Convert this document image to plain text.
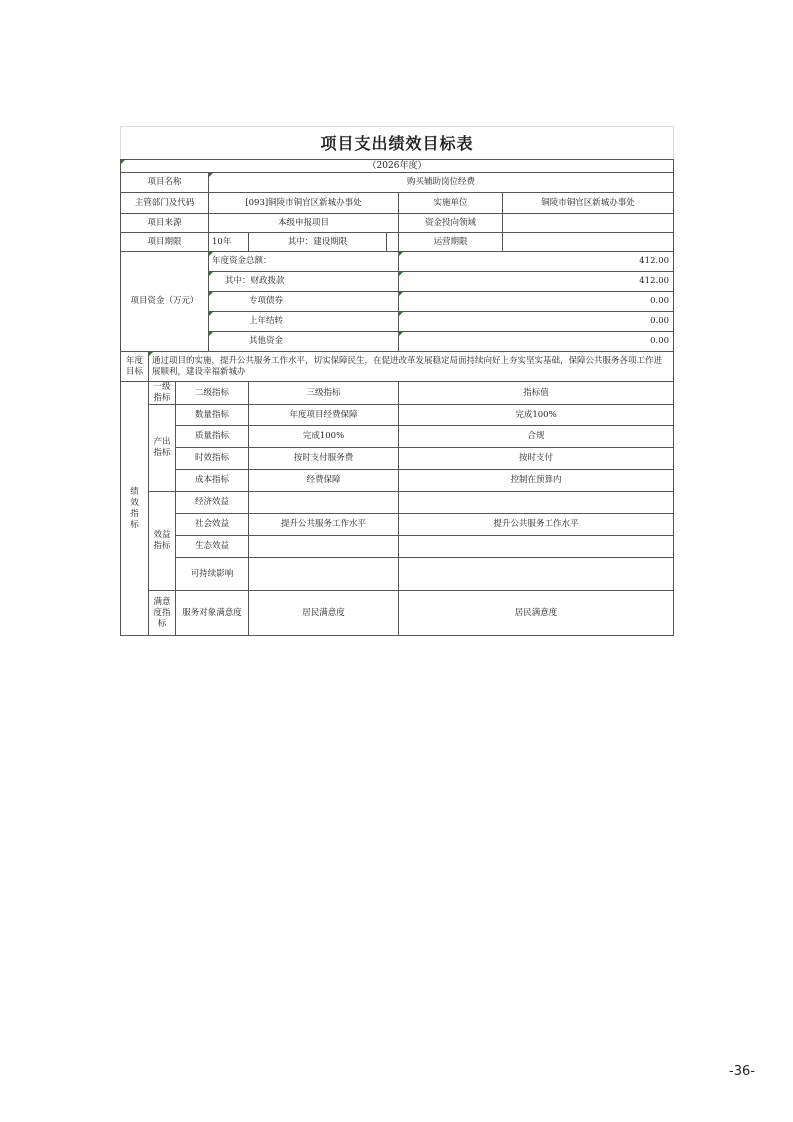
项目支出绩效目标表							
（2026年度）							
项目名称			购买辅助岗位经费				
主管部门及代码			[093]铜陵市铜官区新城办事处			实施单位	铜陵市铜官区新城办事处
项目来源			本级申报项目			资金投向领域	
项目期限			10年	其中：建设期限		运营期限	
项目资金（万元）			年度资金总额：			412.00	
			其中：财政拨款			412.00	
			专项债券			0.00	
			上年结转			0.00	
			其他资金			0.00	
年度目标	通过项目的实施，提升公共服务工作水平，切实保障民生，在促进改革发展稳定局面持续向好上夯实坚实基础，保障公共服务各项工作进展顺利，建设幸福新城办						
绩效指标	一级指标	二级指标		三级指标		指标值	
	产出指标	数量指标		年度项目经费保障		完成100%	
		质量指标		完成100%		合规	
		时效指标		按时支付服务费		按时支付	
		成本指标		经费保障		控制在预算内	
	效益指标	经济效益					
		社会效益		提升公共服务工作水平		提升公共服务工作水平	
		生态效益					
		可持续影响					
	满意度指标	服务对象满意度		居民满意度		居民满意度	
-36-
